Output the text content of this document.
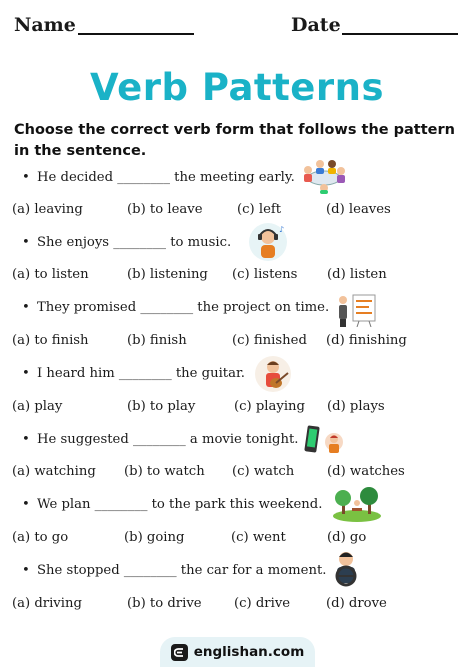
Name	Date
Verb Patterns
Choose the correct verb form that follows the pattern in the sentence.
• He decided ________ the meeting early.
(a) leaving	(b) to leave	(c) left	(d) leaves
• She enjoys ________ to music.
♪
(a) to listen	(b) listening (c) listens (d) listen
• They promised ________ the project on time.
(a) to finish	(b) finish	(c) finished (d) finishing
• I heard him ________ the guitar.
(a) play	(b) to play	(c) playing (d) plays
• He suggested ________ a movie tonight.
(a) watching (b) to watch (c) watch (d) watches
• We plan ________ to the park this weekend.
(a) to go	(b) going	(c) went	(d) go
• She stopped ________ the car for a moment.
(a) driving	(b) to drive (c) drive	(d) drove
englishan.com
